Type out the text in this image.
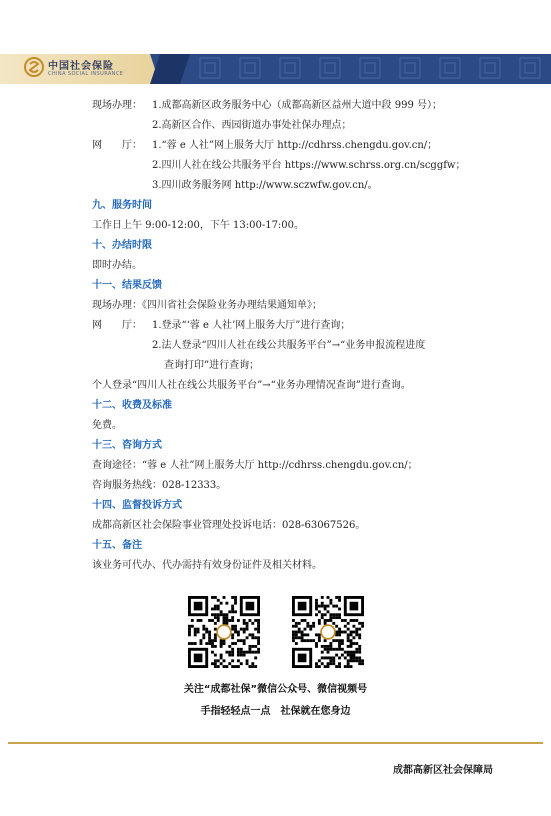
中国社会保险
CHINA SOCIAL INSURANCE
现场办理： 1.成都高新区政务服务中心（成都高新区益州大道中段 999 号）；
2.高新区合作、西园街道办事处社保办理点；
网　　厅： 1.“蓉 e 人社”网上服务大厅 http://cdhrss.chengdu.gov.cn/；
2.四川人社在线公共服务平台 https://www.schrss.org.cn/scggfw；
3.四川政务服务网 http://www.sczwfw.gov.cn/。
九、服务时间
工作日上午 9:00-12:00，下午 13:00-17:00。
十、办结时限
即时办结。
十一、结果反馈
现场办理：《四川省社会保险业务办理结果通知单》；
网　　厅： 1.登录“‘蓉 e 人社’网上服务大厅”进行查询；
2.法人登录“四川人社在线公共服务平台”→“业务申报流程进度
查询打印”进行查询；
个人登录“四川人社在线公共服务平台”→“业务办理情况查询”进行查询。
十二、收费及标准
免费。
十三、咨询方式
查询途径：“蓉 e 人社”网上服务大厅 http://cdhrss.chengdu.gov.cn/；
咨询服务热线：028-12333。
十四、监督投诉方式
成都高新区社会保险事业管理处投诉电话：028-63067526。
十五、备注
该业务可代办、代办需持有效身份证件及相关材料。
关注“成都社保”微信公众号、微信视频号
手指轻轻点一点　社保就在您身边
成都高新区社会保障局
